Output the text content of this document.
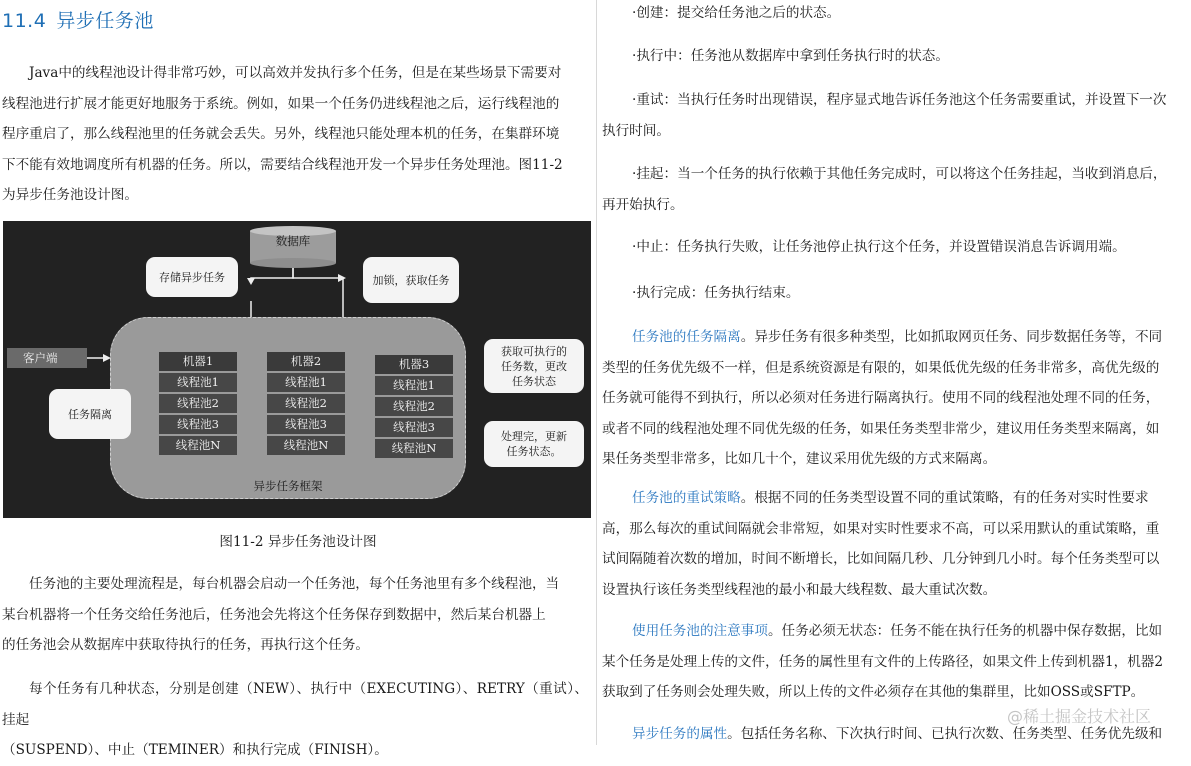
11.4 异步任务池

Java中的线程池设计得非常巧妙，可以高效并发执行多个任务，但是在某些场景下需要对
线程池进行扩展才能更好地服务于系统。例如，如果一个任务仍进线程池之后，运行线程池的
程序重启了，那么线程池里的任务就会丢失。另外，线程池只能处理本机的任务，在集群环境
下不能有效地调度所有机器的任务。所以，需要结合线程池开发一个异步任务处理池。图11-2
为异步任务池设计图。

数据库
存储异步任务	加锁，获取任务
异步任务框架
客户端
任务隔离
机器1
线程池1
线程池2
线程池3
线程池N
机器2
线程池1
线程池2
线程池3
线程池N
机器3
线程池1
线程池2
线程池3
线程池N
获取可执行的
任务数，更改
任务状态
处理完，更新
任务状态。

图11-2 异步任务池设计图

任务池的主要处理流程是，每台机器会启动一个任务池，每个任务池里有多个线程池，当
某台机器将一个任务交给任务池后，任务池会先将这个任务保存到数据中，然后某台机器上
的任务池会从数据库中获取待执行的任务，再执行这个任务。

每个任务有几种状态，分别是创建（NEW）、执行中（EXECUTING）、RETRY（重试）、挂起
（SUSPEND）、中止（TEMINER）和执行完成（FINISH）。

·创建：提交给任务池之后的状态。

·执行中：任务池从数据库中拿到任务执行时的状态。

·重试：当执行任务时出现错误，程序显式地告诉任务池这个任务需要重试，并设置下一次
执行时间。

·挂起：当一个任务的执行依赖于其他任务完成时，可以将这个任务挂起，当收到消息后，
再开始执行。

·中止：任务执行失败，让任务池停止执行这个任务，并设置错误消息告诉调用端。

·执行完成：任务执行结束。

任务池的任务隔离。异步任务有很多种类型，比如抓取网页任务、同步数据任务等，不同
类型的任务优先级不一样，但是系统资源是有限的，如果低优先级的任务非常多，高优先级的
任务就可能得不到执行，所以必须对任务进行隔离执行。使用不同的线程池处理不同的任务，
或者不同的线程池处理不同优先级的任务，如果任务类型非常少，建议用任务类型来隔离，如
果任务类型非常多，比如几十个，建议采用优先级的方式来隔离。

任务池的重试策略。根据不同的任务类型设置不同的重试策略，有的任务对实时性要求
高，那么每次的重试间隔就会非常短，如果对实时性要求不高，可以采用默认的重试策略，重
试间隔随着次数的增加，时间不断增长，比如间隔几秒、几分钟到几小时。每个任务类型可以
设置执行该任务类型线程池的最小和最大线程数、最大重试次数。

使用任务池的注意事项。任务必须无状态：任务不能在执行任务的机器中保存数据，比如
某个任务是处理上传的文件，任务的属性里有文件的上传路径，如果文件上传到机器1，机器2
获取到了任务则会处理失败，所以上传的文件必须存在其他的集群里，比如OSS或SFTP。

异步任务的属性。包括任务名称、下次执行时间、已执行次数、任务类型、任务优先级和

@稀土掘金技术社区
